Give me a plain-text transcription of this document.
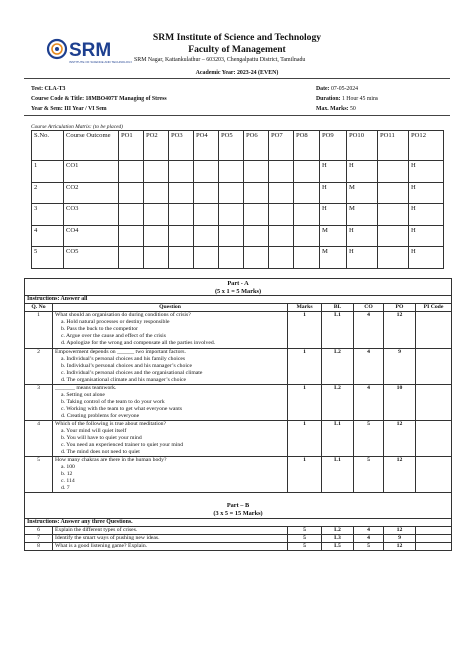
SRM
INSTITUTE OF SCIENCE AND TECHNOLOGY
SRM Institute of Science and Technology
Faculty of Management
SRM Nagar, Kattankulathur – 603203, Chengalpattu District, Tamilnadu
Academic Year: 2023-24 (EVEN)
Test: CLA-T3
Course Code & Title: 18MBO407T Managing of Stress
Year & Sem: III Year / VI Sem
Date: 07-05-2024
Duration: 1 Hour 45 mins
Max. Marks: 50
Course Articulation Matrix: (to be placed)
S.No.	Course Outcome	PO1	PO2	PO3	PO4	PO5	PO6	PO7	PO8	PO9	PO10	PO11	PO12
1	CO1									H	H		H
2	CO2									H	M		H
3	CO3									H	M		H
4	CO4									M	H		H
5	CO5									M	H		H
Part - A
(5 x 1 = 5 Marks)						

Instructions: Answer all						
Q. No	Question	Marks	BL	CO	PO	PI Code
1	What should an organisation do during conditions of crisis?
a. Hold natural processes or destiny responsible
b. Pass the buck to the competitor
c. Argue over the cause and effect of the crisis
d. Apologize for the wrong and compensate all the parties involved.	1	L1	4	12	
2	Empowerment depends on ______ two important factors.
a. Individual’s personal choices and his family choices
b. Individual’s personal choices and his manager’s choice
c. Individual’s personal choices and the organisational climate
d. The organisational climate and his manager’s choice	1	L2	4	9	
3	_______ means teamwork.
a. Setting out alone
b. Taking control of the team to do your work
c. Working with the team to get what everyone wants
d. Creating problems for everyone	1	L2	4	10	
4	Which of the following is true about meditation?
a. Your mind will quiet itself
b. You will have to quiet your mind
c. You need an experienced trainer to quiet your mind
d. The mind does not need to quiet	1	L1	5	12	
5	How many chakras are there in the human body?
a. 100
b. 12
c. 114
d. 7	1	L1	5	12	

Part – B
(3 x 5 = 15 Marks)						

Instructions: Answer any three Questions.						
6	Explain the different types of crises.	5	L2	4	12	
7	Identify the smart ways of pushing new ideas.	5	L3	4	9	
8	What is a good listening game? Explain.	5	L5	5	12	
